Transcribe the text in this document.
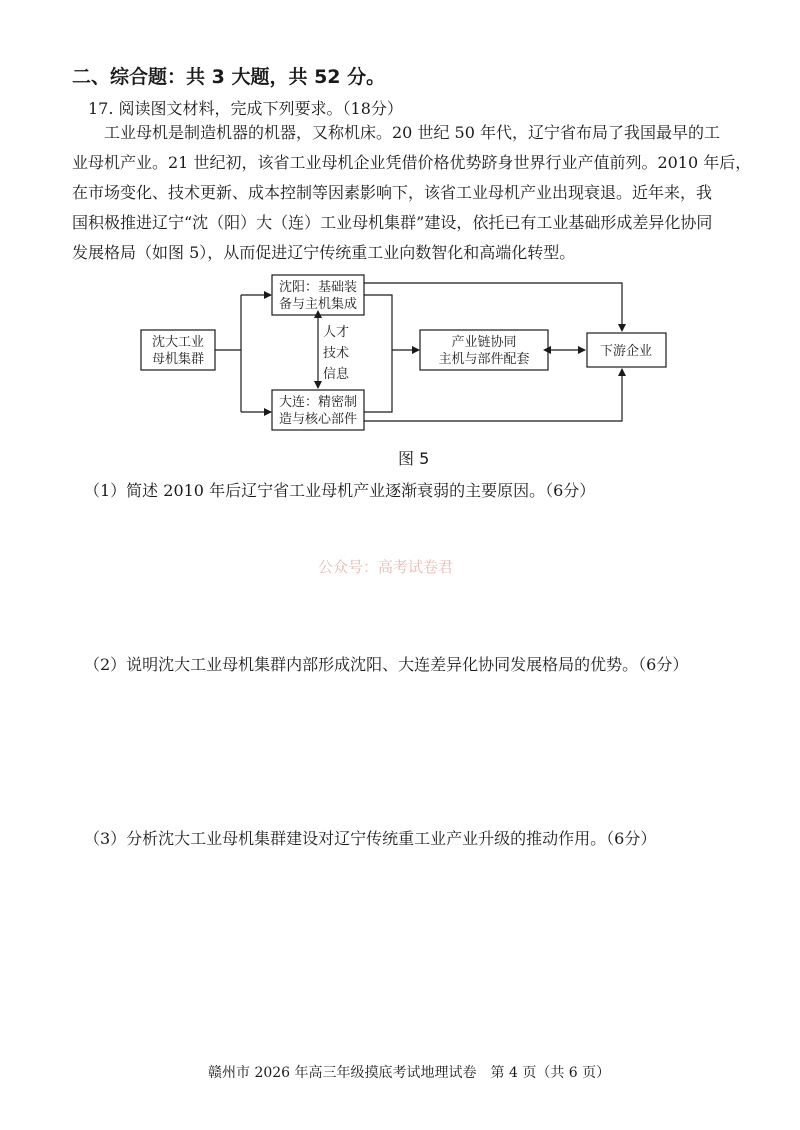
二、综合题：共 3 大题，共 52 分。
17. 阅读图文材料，完成下列要求。（18分）
工业母机是制造机器的机器，又称机床。20 世纪 50 年代，辽宁省布局了我国最早的工
业母机产业。21 世纪初，该省工业母机企业凭借价格优势跻身世界行业产值前列。2010 年后，
在市场变化、技术更新、成本控制等因素影响下，该省工业母机产业出现衰退。近年来，我
国积极推进辽宁“沈（阳）大（连）工业母机集群”建设，依托已有工业基础形成差异化协同
发展格局（如图 5），从而促进辽宁传统重工业向数智化和高端化转型。
沈大工业
母机集群
沈阳：基础装
备与主机集成
大连：精密制
造与核心部件
人才
技术
信息
产业链协同
主机与部件配套
下游企业
图 5
（1）简述 2010 年后辽宁省工业母机产业逐渐衰弱的主要原因。（6分）
公众号：高考试卷君
（2）说明沈大工业母机集群内部形成沈阳、大连差异化协同发展格局的优势。（6分）
（3）分析沈大工业母机集群建设对辽宁传统重工业产业升级的推动作用。（6分）
赣州市 2026 年高三年级摸底考试地理试卷　第 4 页（共 6 页）
